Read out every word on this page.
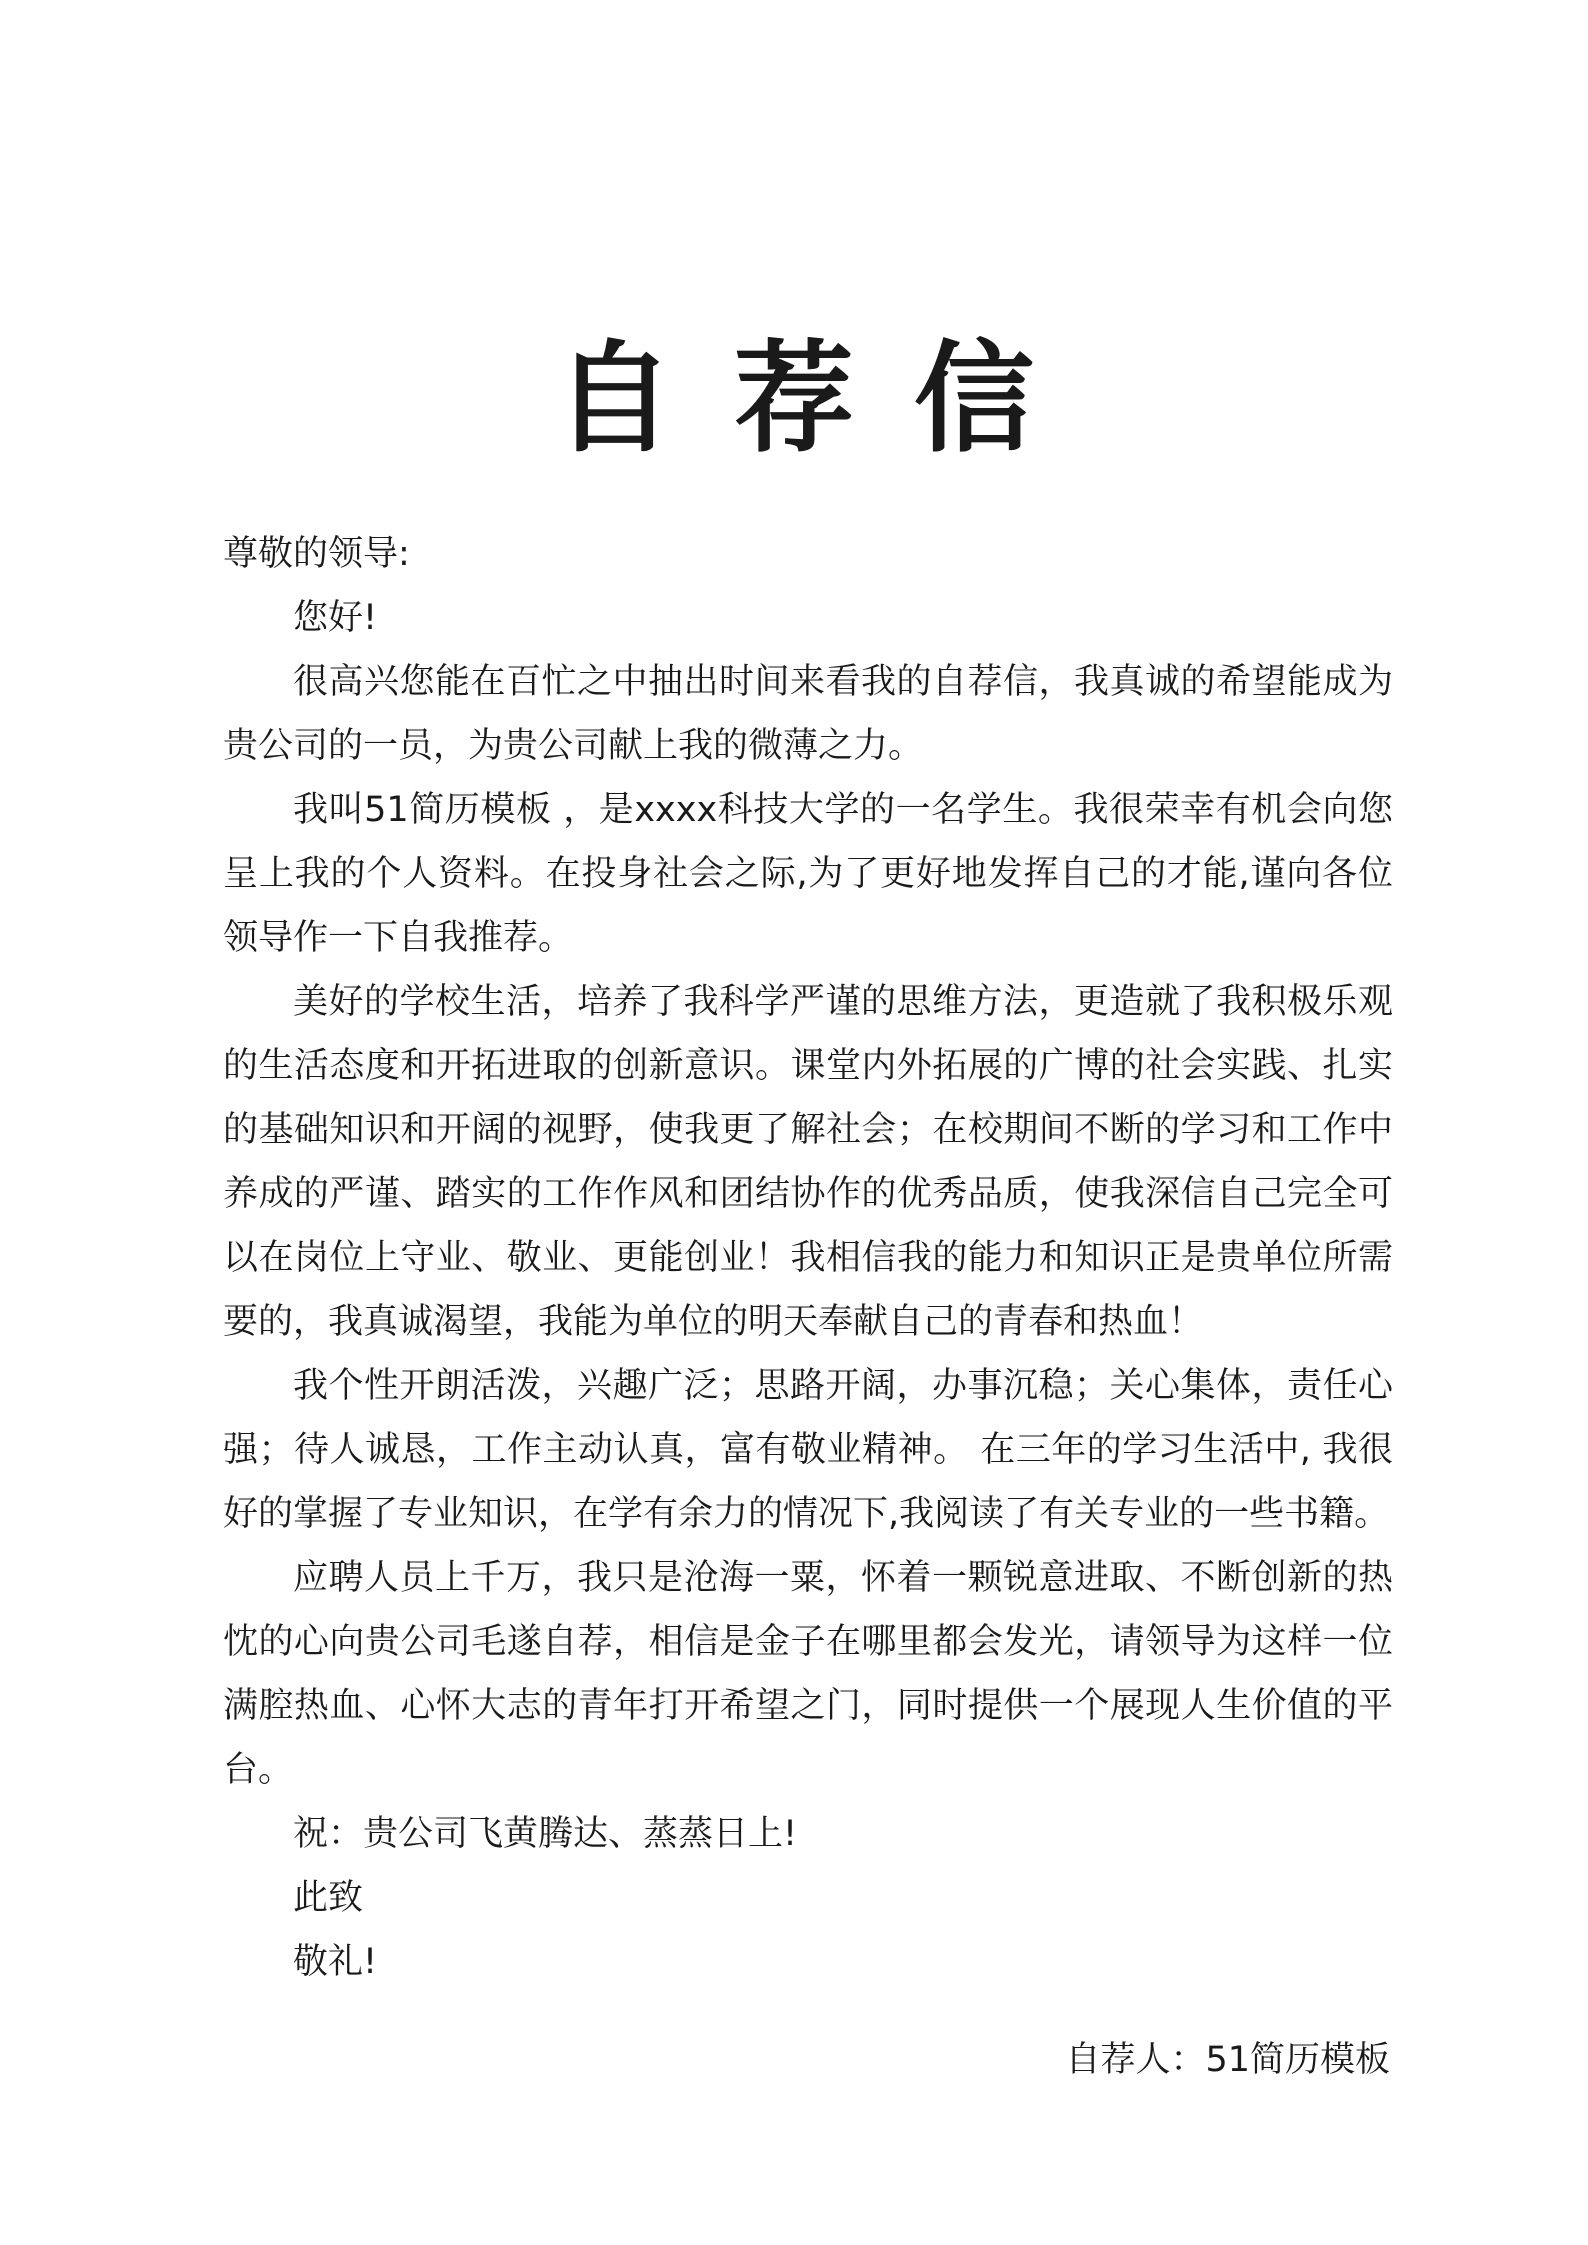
自荐信

尊敬的领导:

您好!

很高兴您能在百忙之中抽出时间来看我的自荐信，我真诚的希望能成为贵公司的一员，为贵公司献上我的微薄之力。

我叫51简历模板 ，是xxxx科技大学的一名学生。我很荣幸有机会向您呈上我的个人资料。在投身社会之际,为了更好地发挥自己的才能,谨向各位领导作一下自我推荐。

美好的学校生活，培养了我科学严谨的思维方法，更造就了我积极乐观的生活态度和开拓进取的创新意识。课堂内外拓展的广博的社会实践、扎实的基础知识和开阔的视野，使我更了解社会；在校期间不断的学习和工作中养成的严谨、踏实的工作作风和团结协作的优秀品质，使我深信自己完全可以在岗位上守业、敬业、更能创业！我相信我的能力和知识正是贵单位所需要的，我真诚渴望，我能为单位的明天奉献自己的青春和热血！

我个性开朗活泼，兴趣广泛；思路开阔，办事沉稳；关心集体，责任心强；待人诚恳，工作主动认真，富有敬业精神。 在三年的学习生活中, 我很好的掌握了专业知识，在学有余力的情况下,我阅读了有关专业的一些书籍。

应聘人员上千万，我只是沧海一粟，怀着一颗锐意进取、不断创新的热忱的心向贵公司毛遂自荐，相信是金子在哪里都会发光，请领导为这样一位满腔热血、心怀大志的青年打开希望之门，同时提供一个展现人生价值的平台。

祝：贵公司飞黄腾达、蒸蒸日上!

此致

敬礼!

自荐人：51简历模板
